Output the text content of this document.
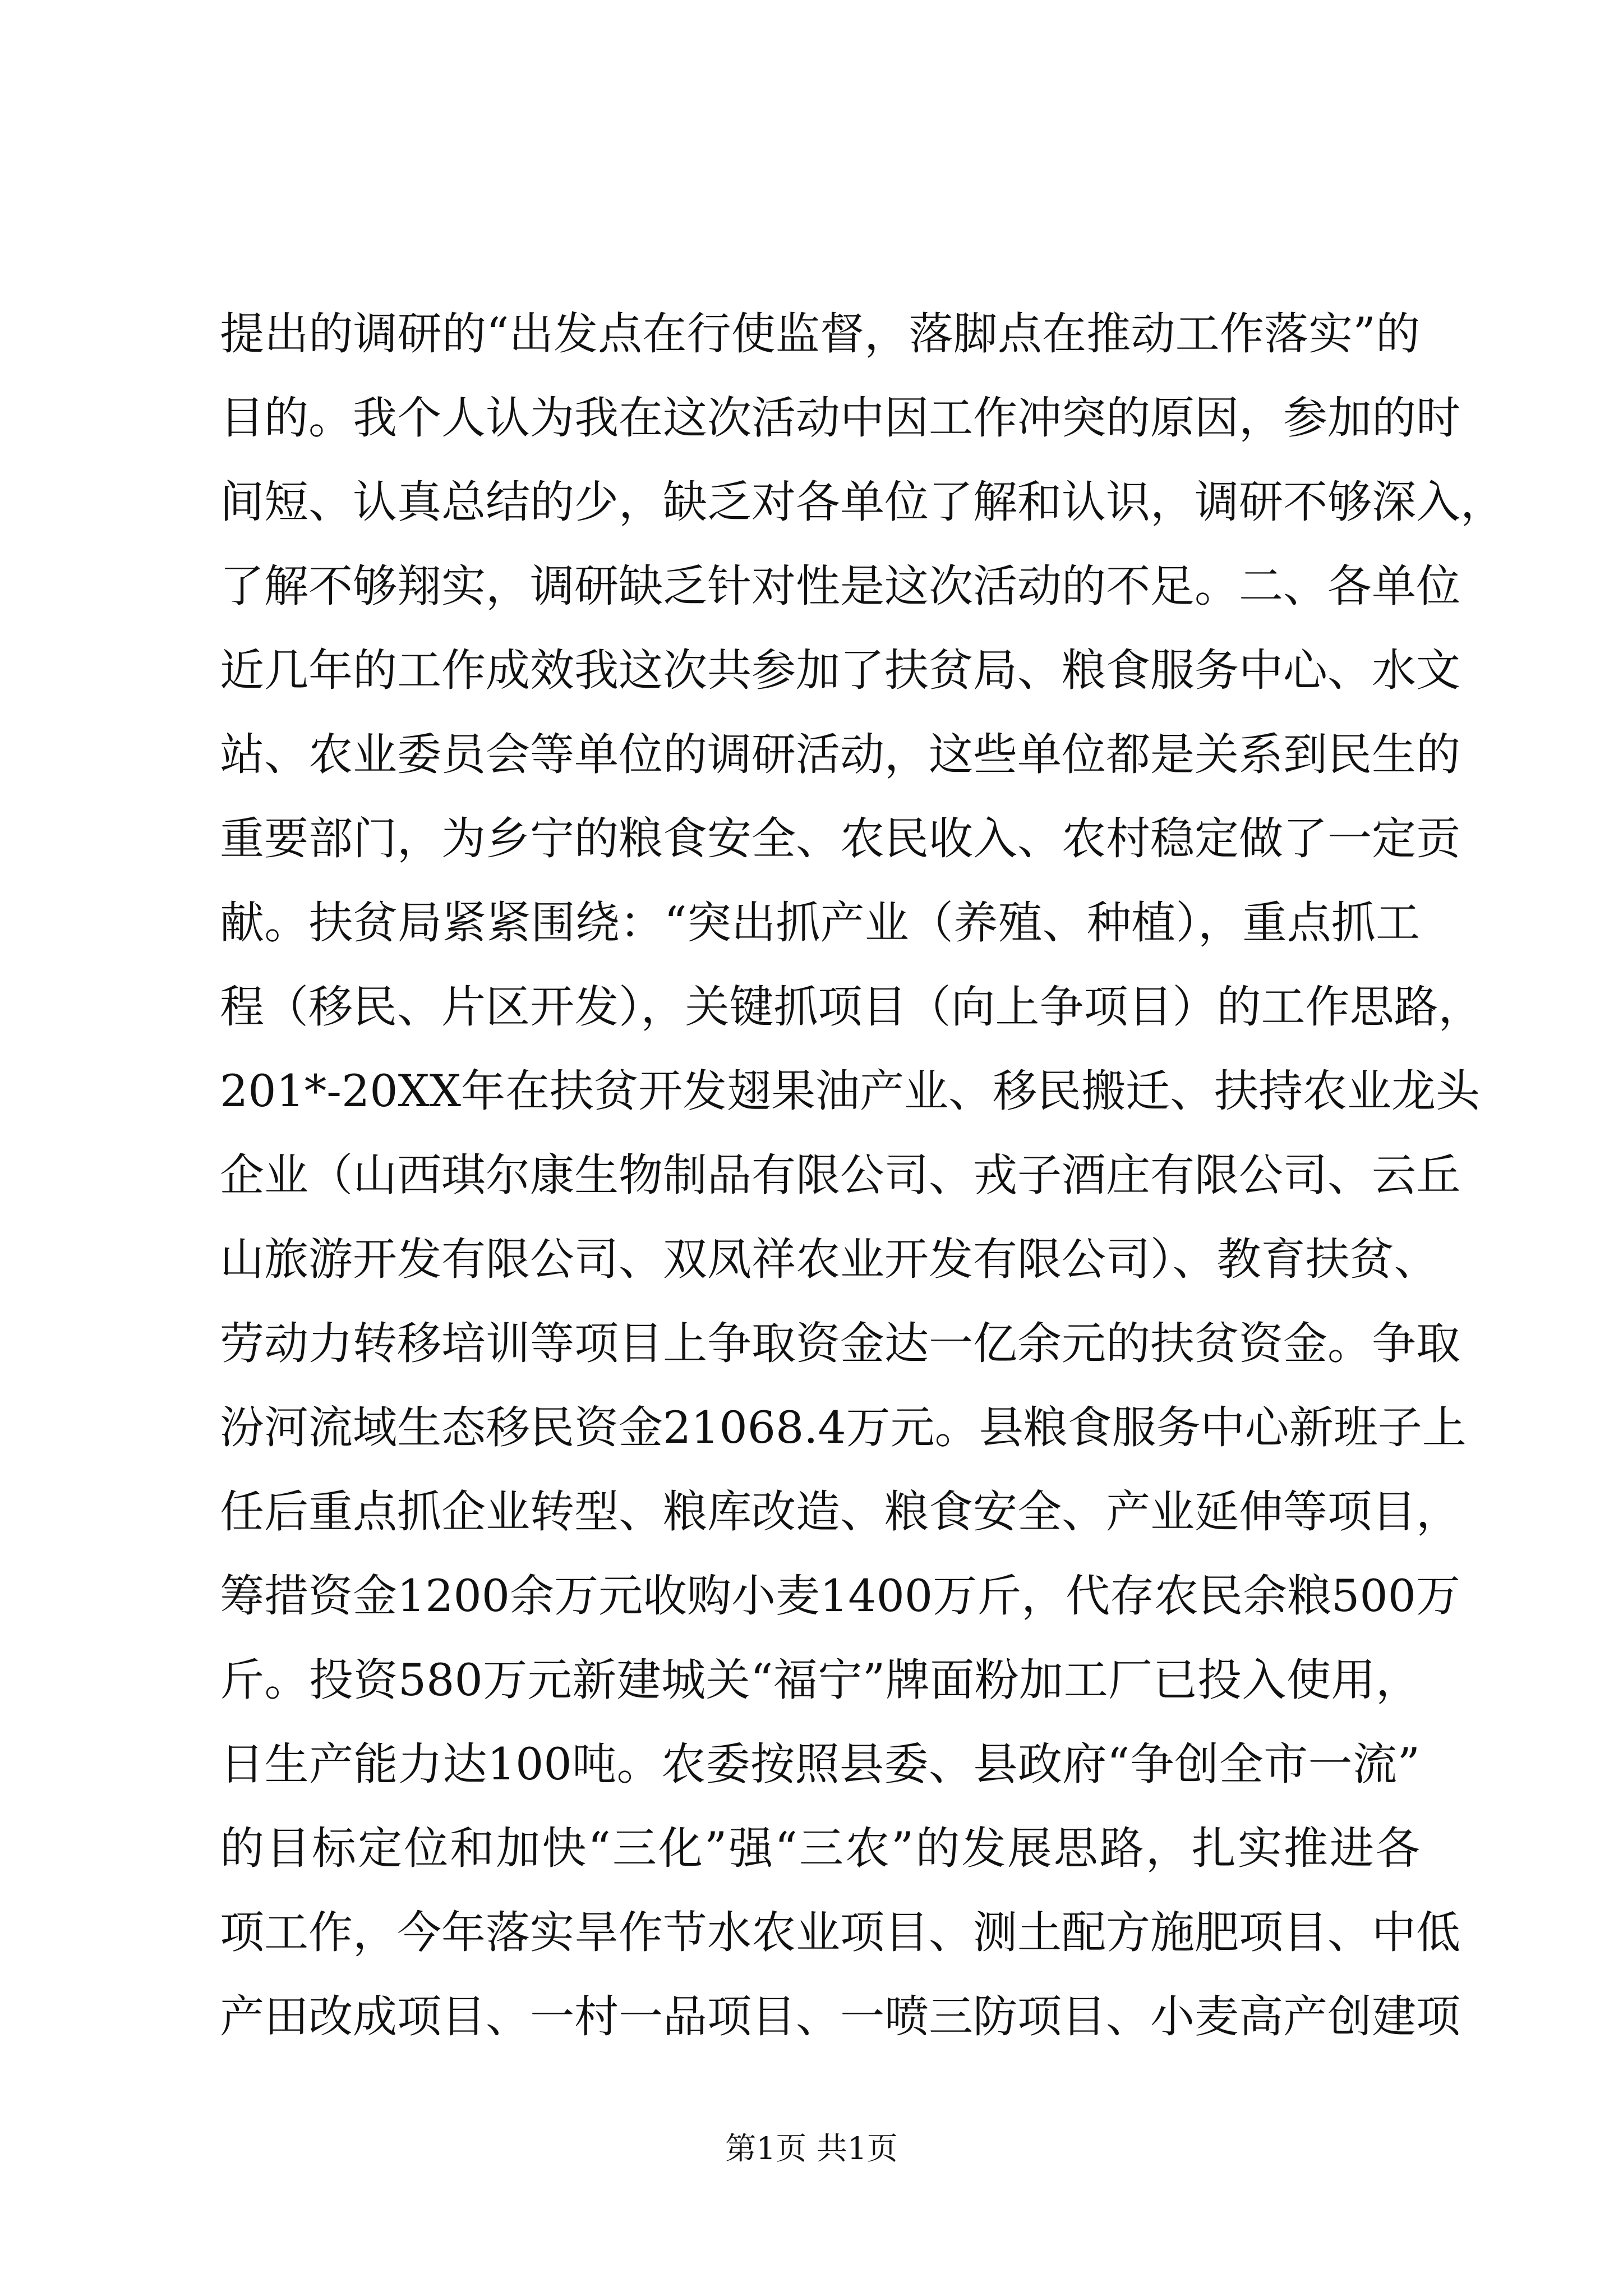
提出的调研的“出发点在行使监督，落脚点在推动工作落实”的
目的。我个人认为我在这次活动中因工作冲突的原因，参加的时
间短、认真总结的少，缺乏对各单位了解和认识，调研不够深入，
了解不够翔实，调研缺乏针对性是这次活动的不足。二、各单位
近几年的工作成效我这次共参加了扶贫局、粮食服务中心、水文
站、农业委员会等单位的调研活动，这些单位都是关系到民生的
重要部门，为乡宁的粮食安全、农民收入、农村稳定做了一定贡
献。扶贫局紧紧围绕：“突出抓产业（养殖、种植），重点抓工
程（移民、片区开发），关键抓项目（向上争项目）的工作思路，
201*-20XX年在扶贫开发翅果油产业、移民搬迁、扶持农业龙头
企业（山西琪尔康生物制品有限公司、戎子酒庄有限公司、云丘
山旅游开发有限公司、双凤祥农业开发有限公司）、教育扶贫、
劳动力转移培训等项目上争取资金达一亿余元的扶贫资金。争取
汾河流域生态移民资金21068.4万元。县粮食服务中心新班子上
任后重点抓企业转型、粮库改造、粮食安全、产业延伸等项目，
筹措资金1200余万元收购小麦1400万斤，代存农民余粮500万
斤。投资580万元新建城关“福宁”牌面粉加工厂已投入使用，
日生产能力达100吨。农委按照县委、县政府“争创全市一流”
的目标定位和加快“三化”强“三农”的发展思路，扎实推进各
项工作，今年落实旱作节水农业项目、测土配方施肥项目、中低
产田改成项目、一村一品项目、一喷三防项目、小麦高产创建项
第1页 共1页
